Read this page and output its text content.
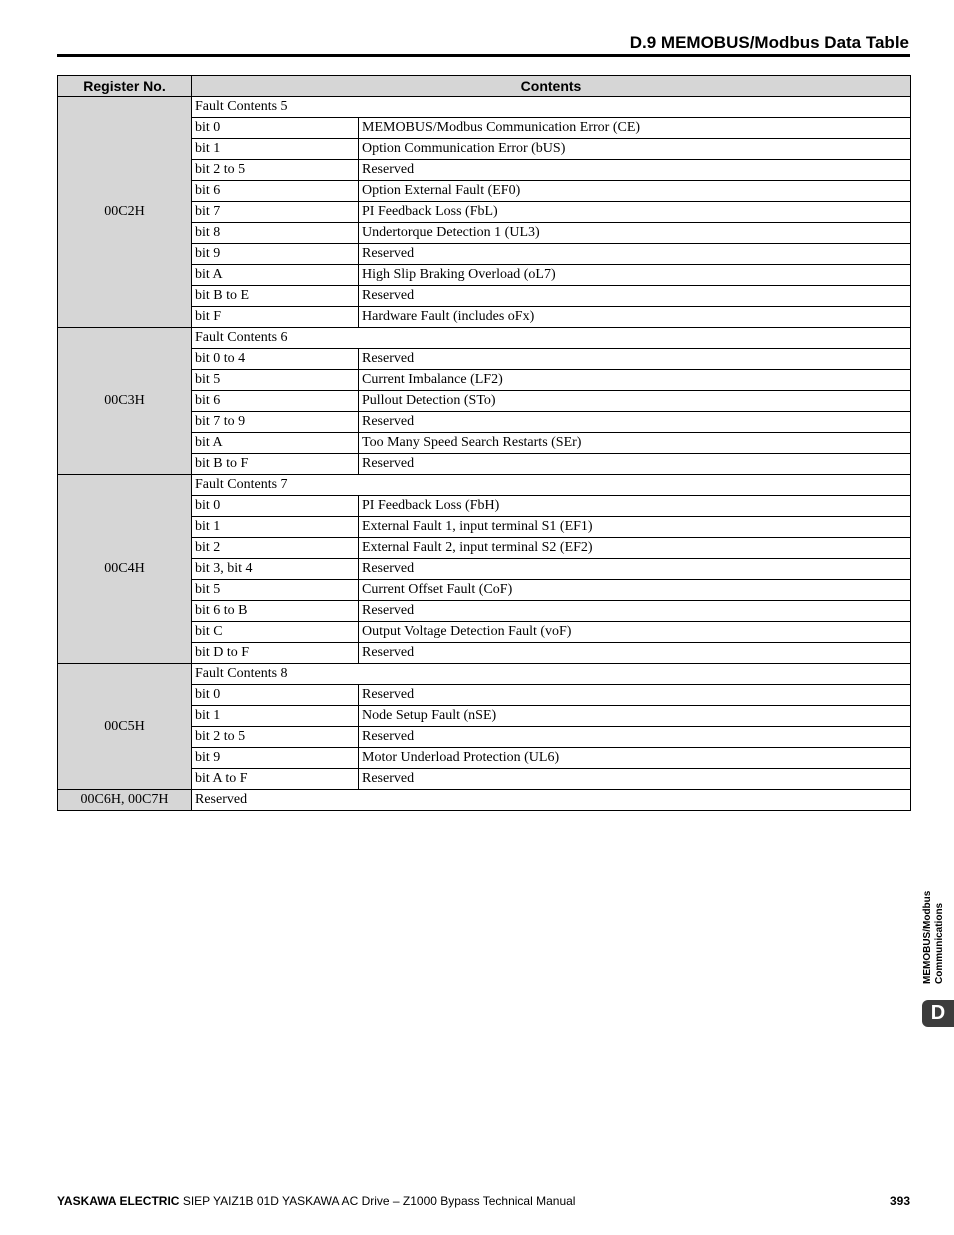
D.9 MEMOBUS/Modbus Data Table
Register No.	Contents	
00C2H	Fault Contents 5	
	bit 0	MEMOBUS/Modbus Communication Error (CE)
	bit 1	Option Communication Error (bUS)
	bit 2 to 5	Reserved
	bit 6	Option External Fault (EF0)
	bit 7	PI Feedback Loss (FbL)
	bit 8	Undertorque Detection 1 (UL3)
	bit 9	Reserved
	bit A	High Slip Braking Overload (oL7)
	bit B to E	Reserved
	bit F	Hardware Fault (includes oFx)
00C3H	Fault Contents 6	
	bit 0 to 4	Reserved
	bit 5	Current Imbalance (LF2)
	bit 6	Pullout Detection (STo)
	bit 7 to 9	Reserved
	bit A	Too Many Speed Search Restarts (SEr)
	bit B to F	Reserved
00C4H	Fault Contents 7	
	bit 0	PI Feedback Loss (FbH)
	bit 1	External Fault 1, input terminal S1 (EF1)
	bit 2	External Fault 2, input terminal S2 (EF2)
	bit 3, bit 4	Reserved
	bit 5	Current Offset Fault (CoF)
	bit 6 to B	Reserved
	bit C	Output Voltage Detection Fault (voF)
	bit D to F	Reserved
00C5H	Fault Contents 8	
	bit 0	Reserved
	bit 1	Node Setup Fault (nSE)
	bit 2 to 5	Reserved
	bit 9	Motor Underload Protection (UL6)
	bit A to F	Reserved
00C6H, 00C7H	Reserved	
MEMOBUS/Modbus Communications
D
YASKAWA ELECTRIC SIEP YAIZ1B 01D YASKAWA AC Drive – Z1000 Bypass Technical Manual	393
